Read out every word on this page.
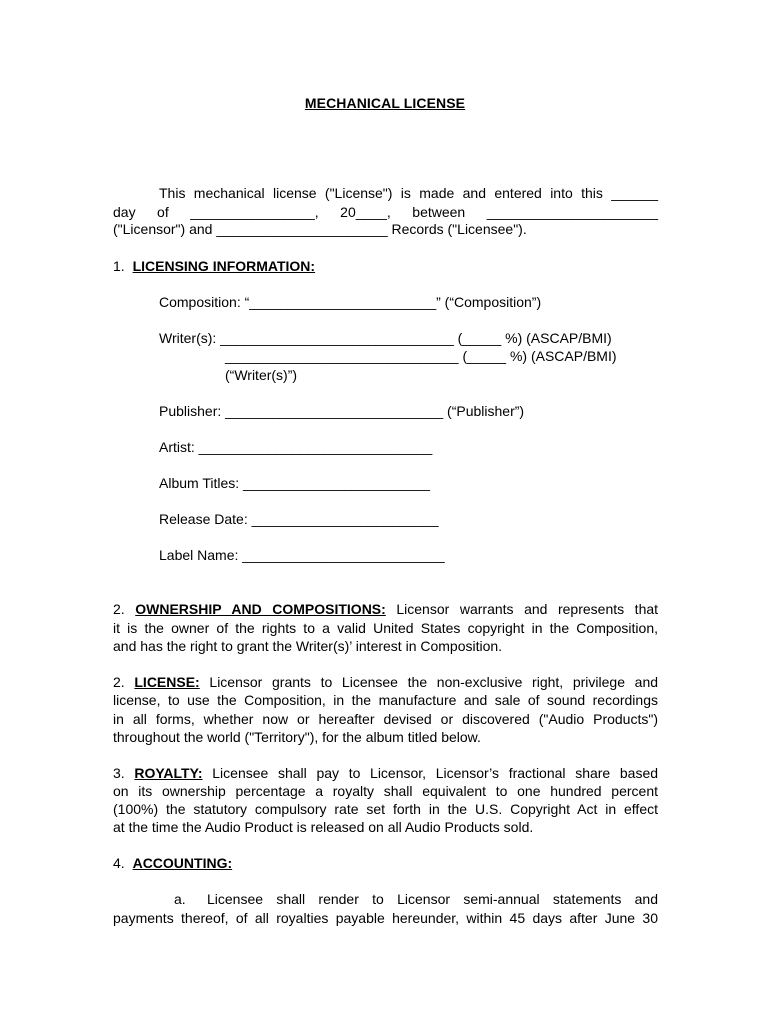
MECHANICAL LICENSE
This mechanical license ("License") is made and entered into this ______
day of ________________, 20____, between ______________________
("Licensor") and ______________________ Records ("Licensee").
1. LICENSING INFORMATION:
Composition: “________________________” (“Composition”)
Writer(s): ______________________________ (_____ %) (ASCAP/BMI)
______________________________ (_____ %) (ASCAP/BMI)
(“Writer(s)”)
Publisher: ____________________________ (“Publisher”)
Artist: ______________________________
Album Titles: ________________________
Release Date: ________________________
Label Name: __________________________
2. OWNERSHIP AND COMPOSITIONS: Licensor warrants and represents that
it is the owner of the rights to a valid United States copyright in the Composition,
and has the right to grant the Writer(s)’ interest in Composition.
2. LICENSE: Licensor grants to Licensee the non-exclusive right, privilege and
license, to use the Composition, in the manufacture and sale of sound recordings
in all forms, whether now or hereafter devised or discovered ("Audio Products")
throughout the world ("Territory"), for the album titled below.
3. ROYALTY: Licensee shall pay to Licensor, Licensor’s fractional share based
on its ownership percentage a royalty shall equivalent to one hundred percent
(100%) the statutory compulsory rate set forth in the U.S. Copyright Act in effect
at the time the Audio Product is released on all Audio Products sold.
4. ACCOUNTING:
a. Licensee shall render to Licensor semi-annual statements and
payments thereof, of all royalties payable hereunder, within 45 days after June 30
